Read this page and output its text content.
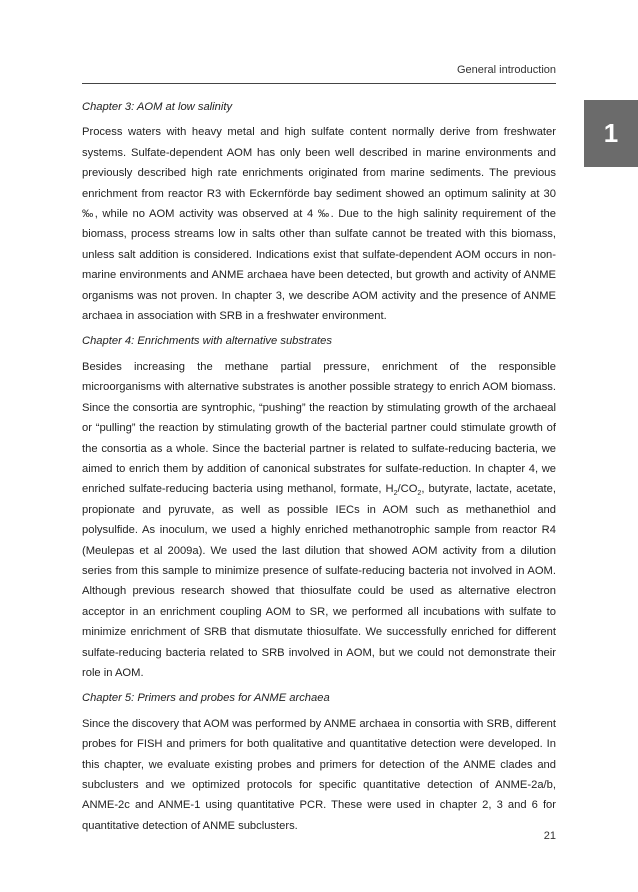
General introduction
1

Chapter 3: AOM at low salinity

Process waters with heavy metal and high sulfate content normally derive from freshwater systems. Sulfate-dependent AOM has only been well described in marine environments and previously described high rate enrichments originated from marine sediments. The previous enrichment from reactor R3 with Eckernförde bay sediment showed an optimum salinity at 30 ‰, while no AOM activity was observed at 4 ‰. Due to the high salinity requirement of the biomass, process streams low in salts other than sulfate cannot be treated with this biomass, unless salt addition is considered. Indications exist that sulfate-dependent AOM occurs in non-marine environments and ANME archaea have been detected, but growth and activity of ANME organisms was not proven. In chapter 3, we describe AOM activity and the presence of ANME archaea in association with SRB in a freshwater environment.

Chapter 4: Enrichments with alternative substrates

Besides increasing the methane partial pressure, enrichment of the responsible microorganisms with alternative substrates is another possible strategy to enrich AOM biomass. Since the consortia are syntrophic, “pushing” the reaction by stimulating growth of the archaeal or “pulling” the reaction by stimulating growth of the bacterial partner could stimulate growth of the consortia as a whole. Since the bacterial partner is related to sulfate-reducing bacteria, we aimed to enrich them by addition of canonical substrates for sulfate-reduction. In chapter 4, we enriched sulfate-reducing bacteria using methanol, formate, $H_2/CO_2$, butyrate, lactate, acetate, propionate and pyruvate, as well as possible IECs in AOM such as methanethiol and polysulfide. As inoculum, we used a highly enriched methanotrophic sample from reactor R4 (Meulepas et al 2009a). We used the last dilution that showed AOM activity from a dilution series from this sample to minimize presence of sulfate-reducing bacteria not involved in AOM. Although previous research showed that thiosulfate could be used as alternative electron acceptor in an enrichment coupling AOM to SR, we performed all incubations with sulfate to minimize enrichment of SRB that dismutate thiosulfate. We successfully enriched for different sulfate-reducing bacteria related to SRB involved in AOM, but we could not demonstrate their role in AOM.

Chapter 5: Primers and probes for ANME archaea

Since the discovery that AOM was performed by ANME archaea in consortia with SRB, different probes for FISH and primers for both qualitative and quantitative detection were developed. In this chapter, we evaluate existing probes and primers for detection of the ANME clades and subclusters and we optimized protocols for specific quantitative detection of ANME-2a/b, ANME-2c and ANME-1 using quantitative PCR. These were used in chapter 2, 3 and 6 for quantitative detection of ANME subclusters.

21
